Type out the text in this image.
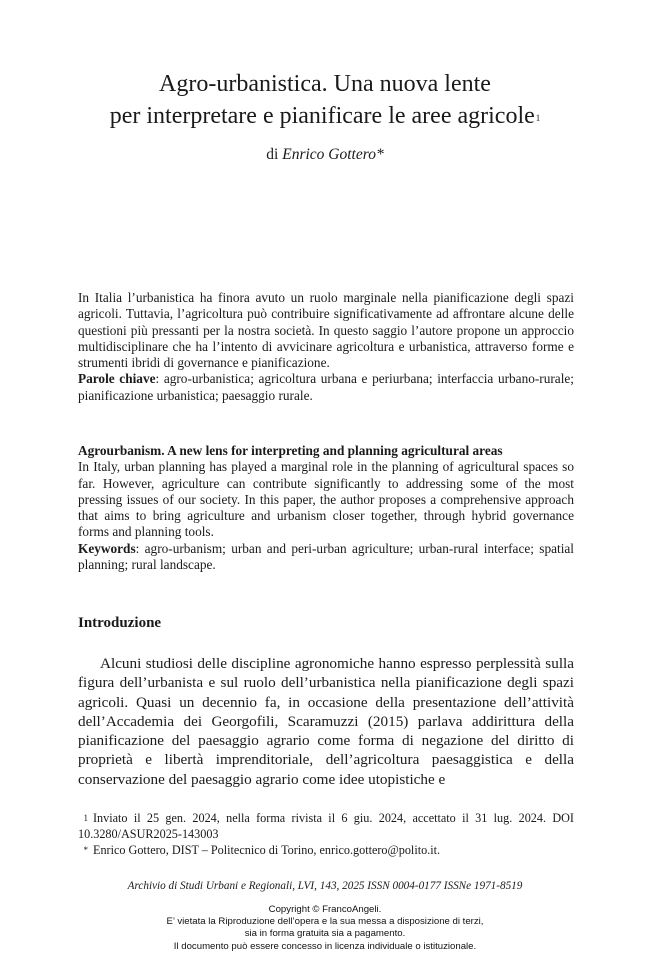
Agro-urbanistica. Una nuova lente
per interpretare e pianificare le aree agricole$^1$
di Enrico Gottero*
In Italia l’urbanistica ha finora avuto un ruolo marginale nella pianificazione degli spazi agricoli. Tuttavia, l’agricoltura può contribuire significativamente ad affrontare alcune delle questioni più pressanti per la nostra società. In questo saggio l’autore propone un approccio multidisciplinare che ha l’intento di avvicinare agricoltura e urbanistica, attraverso forme e strumenti ibridi di governance e pianificazione.
Parole chiave: agro-urbanistica; agricoltura urbana e periurbana; interfaccia urbano-rurale; pianificazione urbanistica; paesaggio rurale.
Agrourbanism. A new lens for interpreting and planning agricultural areas
In Italy, urban planning has played a marginal role in the planning of agricultural spaces so far. However, agriculture can contribute significantly to addressing some of the most pressing issues of our society. In this paper, the author proposes a comprehensive approach that aims to bring agriculture and urbanism closer together, through hybrid governance forms and planning tools.
Keywords: agro-urbanism; urban and peri-urban agriculture; urban-rural interface; spatial planning; rural landscape.
Introduzione
Alcuni studiosi delle discipline agronomiche hanno espresso perplessità sulla figura dell’urbanista e sul ruolo dell’urbanistica nella pianificazione degli spazi agricoli. Quasi un decennio fa, in occasione della presentazione dell’attività dell’Accademia dei Georgofili, Scaramuzzi (2015) parlava addirittura della pianificazione del paesaggio agrario come forma di negazione del diritto di proprietà e libertà imprenditoriale, dell’agricoltura paesaggistica e della conservazione del paesaggio agrario come idee utopistiche e
1 Inviato il 25 gen. 2024, nella forma rivista il 6 giu. 2024, accettato il 31 lug. 2024. DOI 10.3280/ASUR2025-143003
* Enrico Gottero, DIST – Politecnico di Torino, enrico.gottero@polito.it.
Archivio di Studi Urbani e Regionali, LVI, 143, 2025 ISSN 0004-0177 ISSNe 1971-8519
Copyright © FrancoAngeli.
E’ vietata la Riproduzione dell’opera e la sua messa a disposizione di terzi,
sia in forma gratuita sia a pagamento.
Il documento può essere concesso in licenza individuale o istituzionale.
